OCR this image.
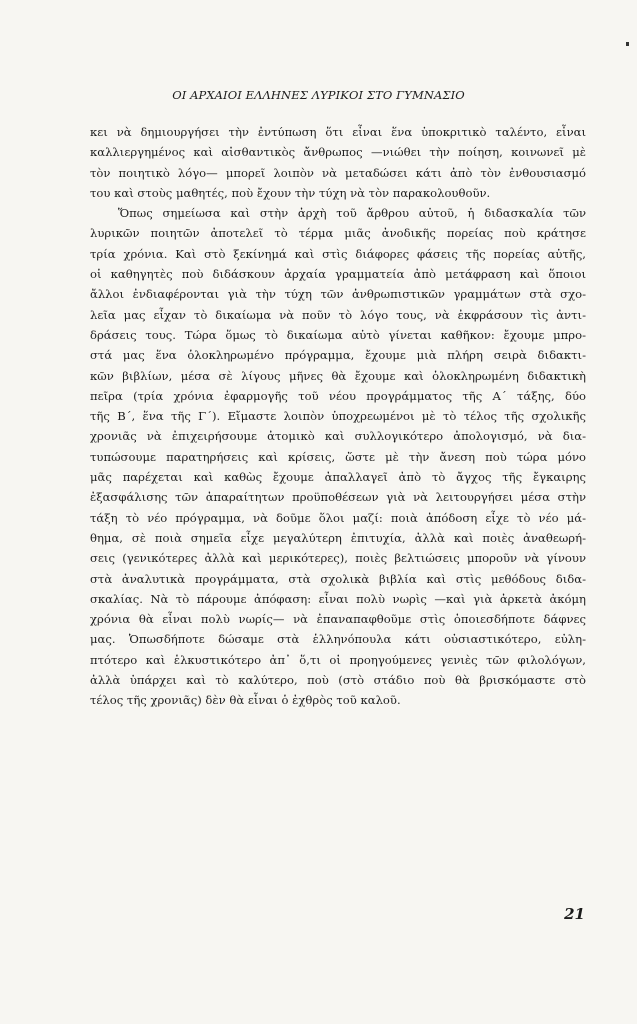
ΟΙ ΑΡΧΑΙΟΙ ΕΛΛΗΝΕΣ ΛΥΡΙΚΟΙ ΣΤΟ ΓΥΜΝΑΣΙΟ
κει νὰ δημιουργήσει τὴν ἐντύπωση ὅτι εἶναι ἕνα ὑποκριτικὸ ταλέντο, εἶναι
καλλιεργημένος καὶ αἰσθαντικὸς ἄνθρωπος —νιώθει τὴν ποίηση, κοινωνεῖ μὲ
τὸν ποιητικὸ λόγο— μπορεῖ λοιπὸν νὰ μεταδώσει κάτι ἀπὸ τὸν ἐνθουσιασμό
του καὶ στοὺς μαθητές, ποὺ ἔχουν τὴν τύχη νὰ τὸν παρακολουθοῦν.
Ὅπως σημείωσα καὶ στὴν ἀρχὴ τοῦ ἄρθρου αὐτοῦ, ἡ διδασκαλία τῶν
λυρικῶν ποιητῶν ἀποτελεῖ τὸ τέρμα μιᾶς ἀνοδικῆς πορείας ποὺ κράτησε
τρία χρόνια. Καὶ στὸ ξεκίνημά καὶ στὶς διάφορες φάσεις τῆς πορείας αὐτῆς,
οἱ καθηγητὲς ποὺ διδάσκουν ἀρχαία γραμματεία ἀπὸ μετάφραση καὶ ὅποιοι
ἄλλοι ἐνδιαφέρονται γιὰ τὴν τύχη τῶν ἀνθρωπιστικῶν γραμμάτων στὰ σχο-
λεῖα μας εἶχαν τὸ δικαίωμα νὰ ποῦν τὸ λόγο τους, νὰ ἐκφράσουν τὶς ἀντι-
δράσεις τους. Τώρα ὅμως τὸ δικαίωμα αὐτὸ γίνεται καθῆκον: ἔχουμε μπρο-
στά μας ἕνα ὁλοκληρωμένο πρόγραμμα, ἔχουμε μιὰ πλήρη σειρὰ διδακτι-
κῶν βιβλίων, μέσα σὲ λίγους μῆνες θὰ ἔχουμε καὶ ὁλοκληρωμένη διδακτικὴ
πεῖρα (τρία χρόνια ἐφαρμογῆς τοῦ νέου προγράμματος τῆς Α΄ τάξης, δύο
τῆς Β΄, ἕνα τῆς Γ΄). Εἴμαστε λοιπὸν ὑποχρεωμένοι μὲ τὸ τέλος τῆς σχολικῆς
χρονιᾶς νὰ ἐπιχειρήσουμε ἀτομικὸ καὶ συλλογικότερο ἀπολογισμό, νὰ δια-
τυπώσουμε παρατηρήσεις καὶ κρίσεις, ὥστε μὲ τὴν ἄνεση ποὺ τώρα μόνο
μᾶς παρέχεται καὶ καθὼς ἔχουμε ἀπαλλαγεῖ ἀπὸ τὸ ἄγχος τῆς ἔγκαιρης
ἐξασφάλισης τῶν ἀπαραίτητων προϋποθέσεων γιὰ νὰ λειτουργήσει μέσα στὴν
τάξη τὸ νέο πρόγραμμα, νὰ δοῦμε ὅλοι μαζί: ποιὰ ἀπόδοση εἶχε τὸ νέο μά-
θημα, σὲ ποιὰ σημεῖα εἶχε μεγαλύτερη ἐπιτυχία, ἀλλὰ καὶ ποιὲς ἀναθεωρή-
σεις (γενικότερες ἀλλὰ καὶ μερικότερες), ποιὲς βελτιώσεις μποροῦν νὰ γίνουν
στὰ ἀναλυτικὰ προγράμματα, στὰ σχολικὰ βιβλία καὶ στὶς μεθόδους διδα-
σκαλίας. Νὰ τὸ πάρουμε ἀπόφαση: εἶναι πολὺ νωρὶς —καὶ γιὰ ἀρκετὰ ἀκόμη
χρόνια θὰ εἶναι πολὺ νωρίς— νὰ ἐπαναπαφθοῦμε στὶς ὁποιεσδήποτε δάφνες
μας. Ὁπωσδήποτε δώσαμε στὰ ἑλληνόπουλα κάτι οὐσιαστικότερο, εὐλη-
πτότερο καὶ ἑλκυστικότερο ἀπ᾽ ὅ,τι οἱ προηγούμενες γενιὲς τῶν φιλολόγων,
ἀλλὰ ὑπάρχει καὶ τὸ καλύτερο, ποὺ (στὸ στάδιο ποὺ θὰ βρισκόμαστε στὸ
τέλος τῆς χρονιᾶς) δὲν θὰ εἶναι ὁ ἐχθρὸς τοῦ καλοῦ.
21
